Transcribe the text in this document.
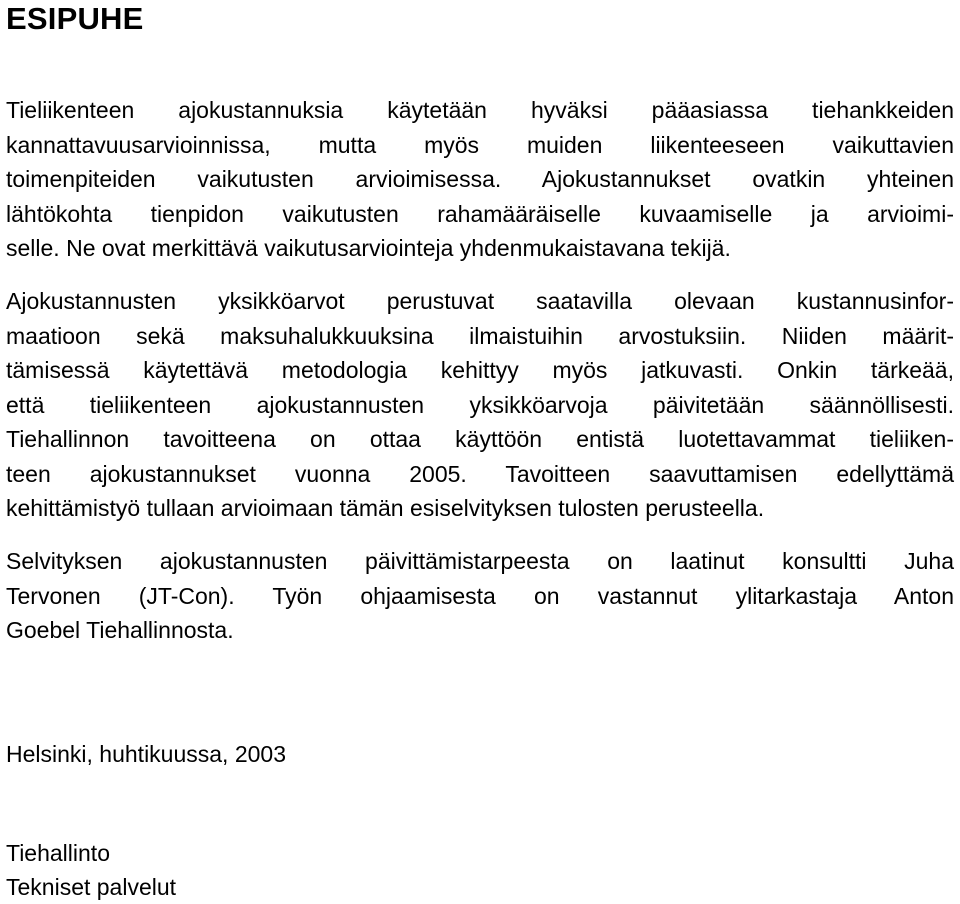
ESIPUHE

Tieliikenteen ajokustannuksia käytetään hyväksi pääasiassa tiehankkeiden
kannattavuusarvioinnissa, mutta myös muiden liikenteeseen vaikuttavien
toimenpiteiden vaikutusten arvioimisessa. Ajokustannukset ovatkin yhteinen
lähtökohta tienpidon vaikutusten rahamääräiselle kuvaamiselle ja arvioimi-
selle. Ne ovat merkittävä vaikutusarviointeja yhdenmukaistavana tekijä.

Ajokustannusten yksikköarvot perustuvat saatavilla olevaan kustannusinfor-
maatioon sekä maksuhalukkuuksina ilmaistuihin arvostuksiin. Niiden määrit-
tämisessä käytettävä metodologia kehittyy myös jatkuvasti. Onkin tärkeää,
että tieliikenteen ajokustannusten yksikköarvoja päivitetään säännöllisesti.
Tiehallinnon tavoitteena on ottaa käyttöön entistä luotettavammat tieliiken-
teen ajokustannukset vuonna 2005. Tavoitteen saavuttamisen edellyttämä
kehittämistyö tullaan arvioimaan tämän esiselvityksen tulosten perusteella.

Selvityksen ajokustannusten päivittämistarpeesta on laatinut konsultti Juha
Tervonen (JT-Con). Työn ohjaamisesta on vastannut ylitarkastaja Anton
Goebel Tiehallinnosta.

Helsinki, huhtikuussa, 2003

Tiehallinto
Tekniset palvelut
